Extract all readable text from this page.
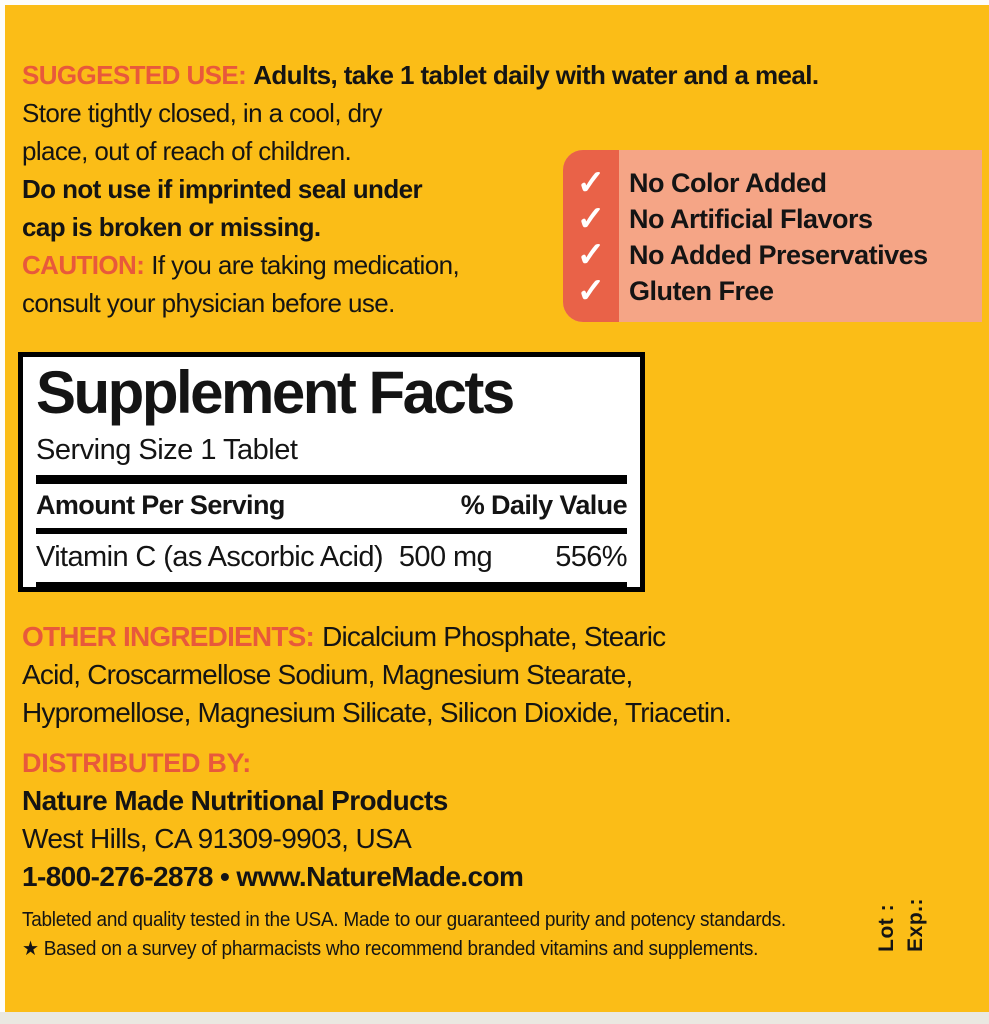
SUGGESTED USE: Adults, take 1 tablet daily with water and a meal.
Store tightly closed, in a cool, dry
place, out of reach of children.
Do not use if imprinted seal under
cap is broken or missing.
CAUTION: If you are taking medication,
consult your physician before use.
✓ No Color Added
✓ No Artificial Flavors
✓ No Added Preservatives
✓ Gluten Free
Supplement Facts
Serving Size 1 Tablet
Amount Per Serving	% Daily Value
Vitamin C (as Ascorbic Acid) 500 mg 556%
OTHER INGREDIENTS: Dicalcium Phosphate, Stearic
Acid, Croscarmellose Sodium, Magnesium Stearate,
Hypromellose, Magnesium Silicate, Silicon Dioxide, Triacetin.
DISTRIBUTED BY:
Nature Made Nutritional Products
West Hills, CA 91309-9903, USA
1-800-276-2878 • www.NatureMade.com
Tableted and quality tested in the USA. Made to our guaranteed purity and potency standards.
★ Based on a survey of pharmacists who recommend branded vitamins and supplements.	Lot : Exp.:
